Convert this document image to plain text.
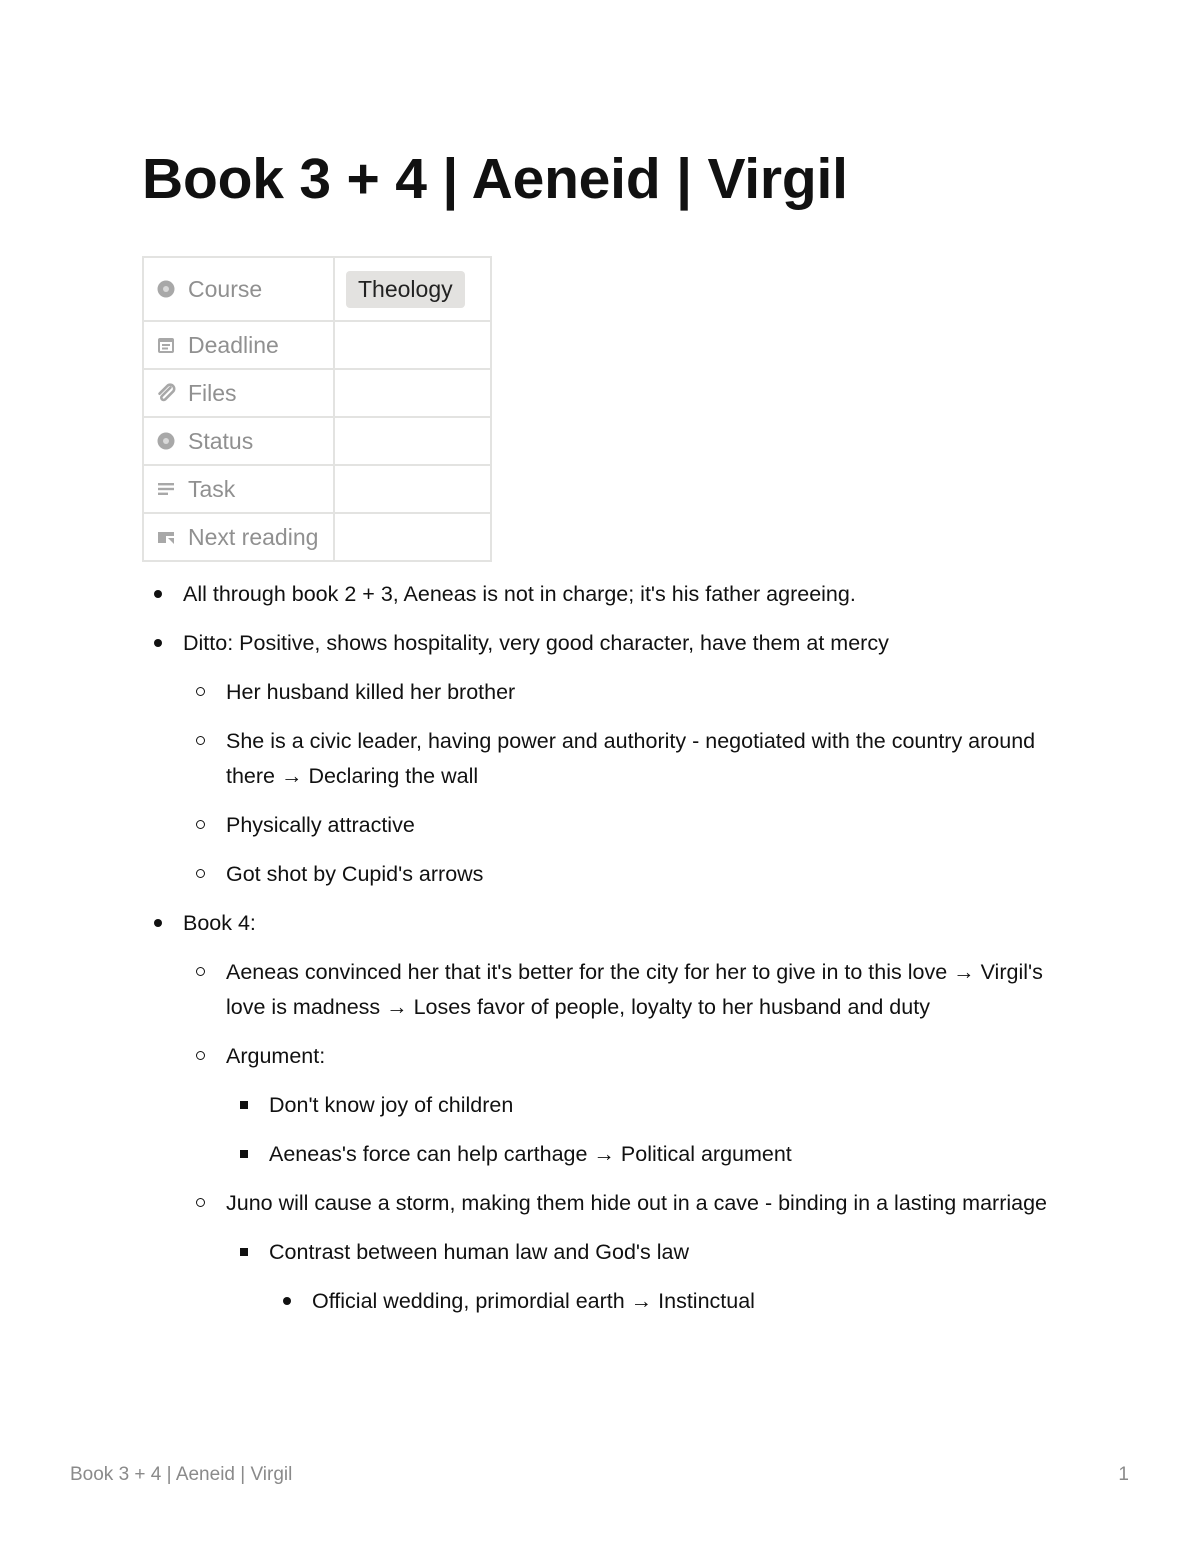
Book 3 + 4 | Aeneid | Virgil
Course	Theology

Deadline	

Files	

Status	

Task	

Next reading	

All through book 2 + 3, Aeneas is not in charge; it's his father agreeing.
Ditto: Positive, shows hospitality, very good character, have them at mercy
Her husband killed her brother
She is a civic leader, having power and authority - negotiated with the country around there → Declaring the wall
Physically attractive
Got shot by Cupid's arrows
Book 4:
Aeneas convinced her that it's better for the city for her to give in to this love → Virgil's love is madness → Loses favor of people, loyalty to her husband and duty
Argument:
Don't know joy of children
Aeneas's force can help carthage → Political argument
Juno will cause a storm, making them hide out in a cave - binding in a lasting marriage
Contrast between human law and God's law
Official wedding, primordial earth → Instinctual
Book 3 + 4 | Aeneid | Virgil	1
